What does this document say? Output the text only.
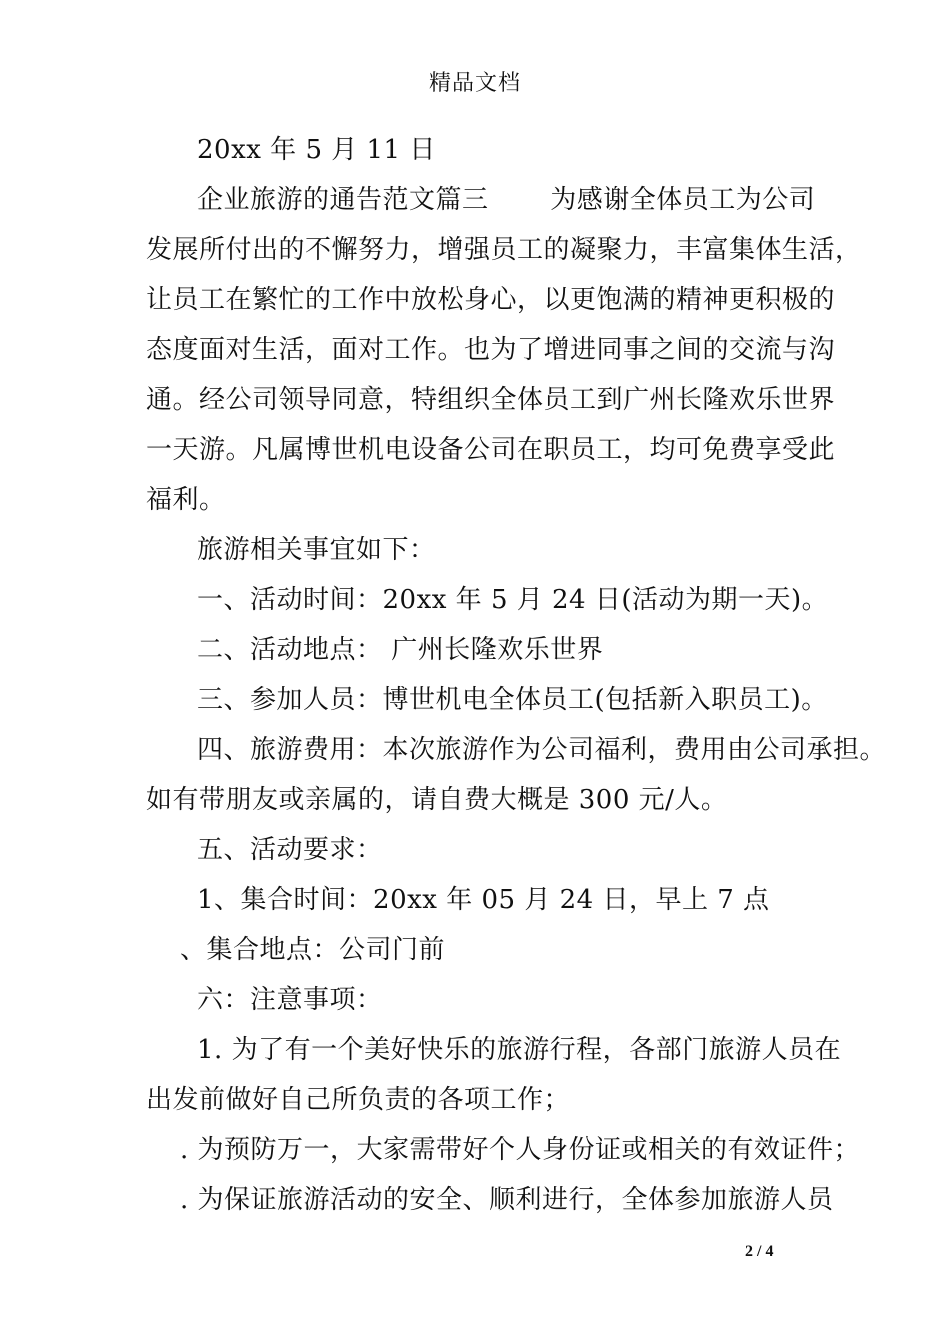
精品文档
20xx 年 5 月 11 日
企业旅游的通告范文篇三　　 为感谢全体员工为公司
发展所付出的不懈努力，增强员工的凝聚力，丰富集体生活，
让员工在繁忙的工作中放松身心，以更饱满的精神更积极的
态度面对生活，面对工作。也为了增进同事之间的交流与沟
通。经公司领导同意，特组织全体员工到广州长隆欢乐世界
一天游。凡属博世机电设备公司在职员工，均可免费享受此
福利。
旅游相关事宜如下：
一、活动时间：20xx 年 5 月 24 日(活动为期一天)。
二、活动地点： 广州长隆欢乐世界
三、参加人员：博世机电全体员工(包括新入职员工)。
四、旅游费用：本次旅游作为公司福利，费用由公司承担。
如有带朋友或亲属的，请自费大概是 300 元/人。
五、活动要求：
1、集合时间：20xx 年 05 月 24 日，早上 7 点
、集合地点：公司门前
六：注意事项：
1. 为了有一个美好快乐的旅游行程，各部门旅游人员在
出发前做好自己所负责的各项工作；
. 为预防万一，大家需带好个人身份证或相关的有效证件；
. 为保证旅游活动的安全、顺利进行，全体参加旅游人员
2 / 4
